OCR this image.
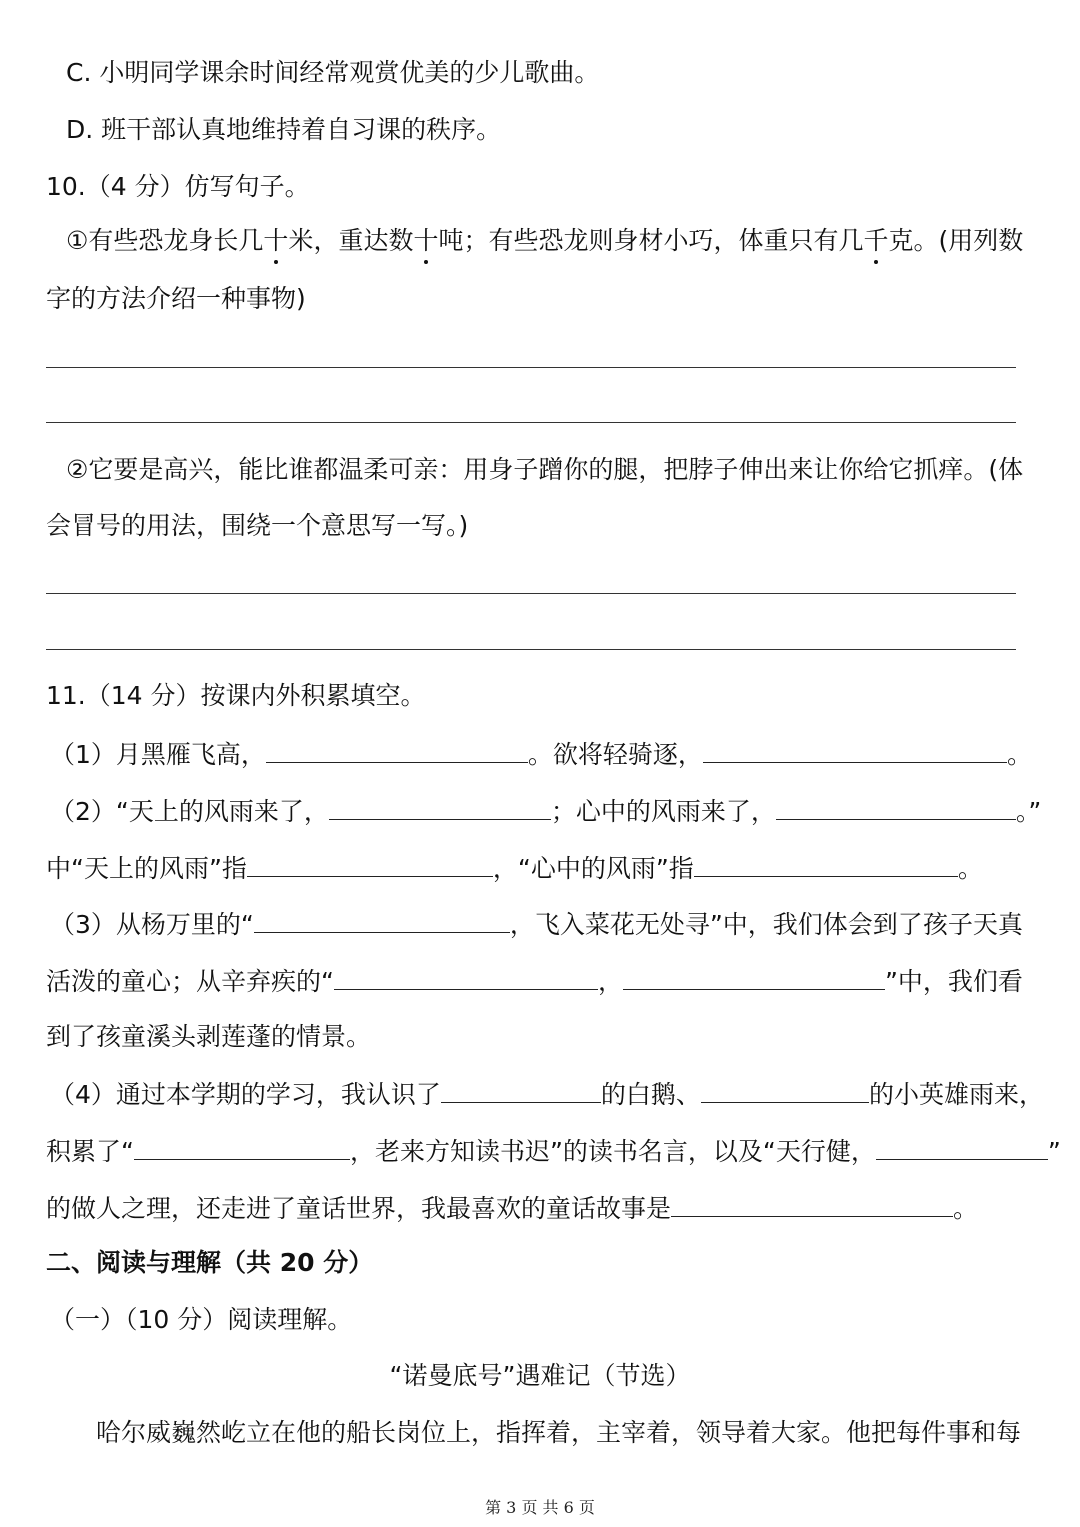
C. 小明同学课余时间经常观赏优美的少儿歌曲。
D. 班干部认真地维持着自习课的秩序。
10.（4 分）仿写句子。
①有些恐龙身长几十米，重达数十吨；有些恐龙则身材小巧，体重只有几千克。(用列数
字的方法介绍一种事物)
②它要是高兴，能比谁都温柔可亲：用身子蹭你的腿，把脖子伸出来让你给它抓痒。(体
会冒号的用法，围绕一个意思写一写。)
11.（14 分）按课内外积累填空。
（1）月黑雁飞高，	。欲将轻骑逐，	。
（2）“天上的风雨来了，	；心中的风雨来了，	。”
中“天上的风雨”指	，“心中的风雨”指	。
（3）从杨万里的“	，飞入菜花无处寻”中，我们体会到了孩子天真
活泼的童心；从辛弃疾的“	，	”中，我们看
到了孩童溪头剥莲蓬的情景。
（4）通过本学期的学习，我认识了	的白鹅、	的小英雄雨来，
积累了“	，老来方知读书迟”的读书名言，以及“天行健，	”
的做人之理，还走进了童话世界，我最喜欢的童话故事是	。
二、阅读与理解（共 20 分）
（一）（10 分）阅读理解。
“诺曼底号”遇难记（节选）
哈尔威巍然屹立在他的船长岗位上，指挥着，主宰着，领导着大家。他把每件事和每
第 3 页 共 6 页
